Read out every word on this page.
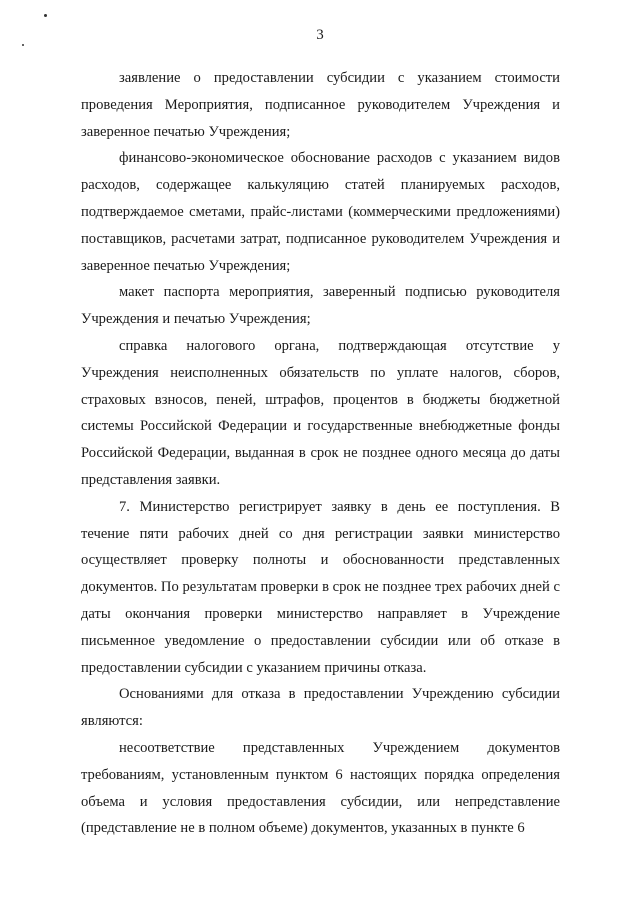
3

заявление о предоставлении субсидии с указанием стоимости проведения Мероприятия, подписанное руководителем Учреждения и заверенное печатью Учреждения;

финансово-экономическое обоснование расходов с указанием видов расходов, содержащее калькуляцию статей планируемых расходов, подтверждаемое сметами, прайс-листами (коммерческими предложениями) поставщиков, расчетами затрат, подписанное руководителем Учреждения и заверенное печатью Учреждения;

макет паспорта мероприятия, заверенный подписью руководителя Учреждения и печатью Учреждения;

справка налогового органа, подтверждающая отсутствие у Учреждения неисполненных обязательств по уплате налогов, сборов, страховых взносов, пеней, штрафов, процентов в бюджеты бюджетной системы Российской Федерации и государственные внебюджетные фонды Российской Федерации, выданная в срок не позднее одного месяца до даты представления заявки.

7. Министерство регистрирует заявку в день ее поступления. В течение пяти рабочих дней со дня регистрации заявки министерство осуществляет проверку полноты и обоснованности представленных документов. По результатам проверки в срок не позднее трех рабочих дней с даты окончания проверки министерство направляет в Учреждение письменное уведомление о предоставлении субсидии или об отказе в предоставлении субсидии с указанием причины отказа.

Основаниями для отказа в предоставлении Учреждению субсидии являются:

несоответствие представленных Учреждением документов требованиям, установленным пунктом 6 настоящих порядка определения объема и условия предоставления субсидии, или непредставление (представление не в полном объеме) документов, указанных в пункте 6
